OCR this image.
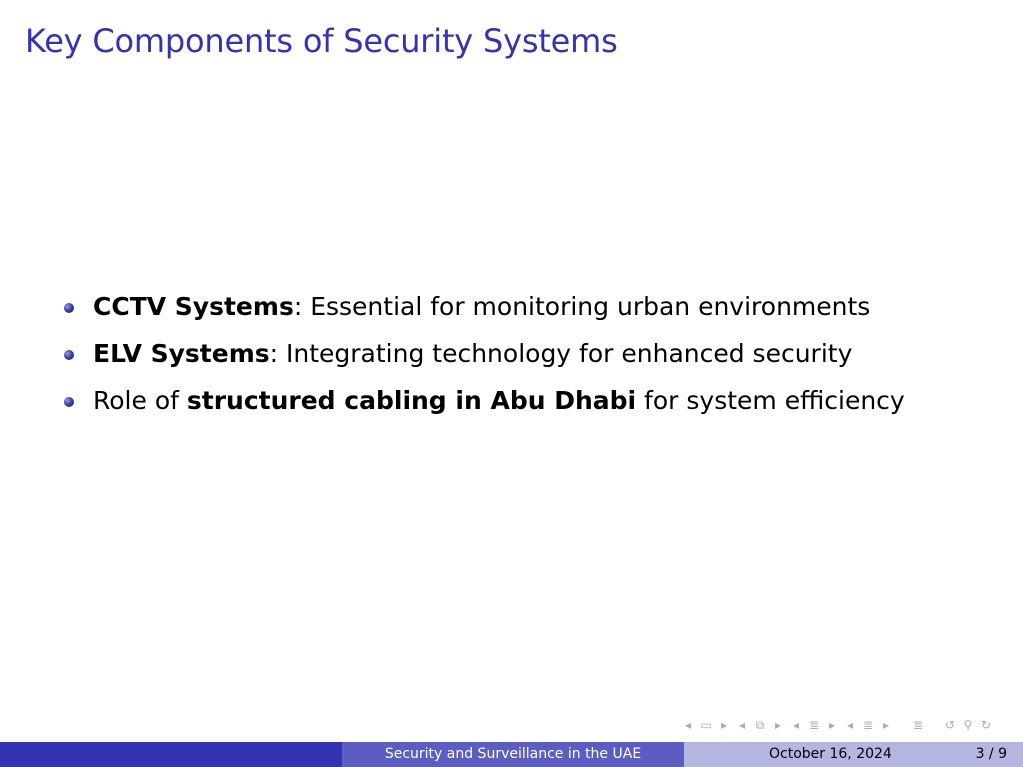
Key Components of Security Systems
CCTV Systems: Essential for monitoring urban environments
ELV Systems: Integrating technology for enhanced security
Role of structured cabling in Abu Dhabi for system efficiency
◂ ▭ ▸ ◂ ⧉ ▸ ◂ ≣ ▸ ◂ ≣ ▸	≣ ↺ ⚲ ↻
Security and Surveillance in the UAE	October 16, 2024	3 / 9
